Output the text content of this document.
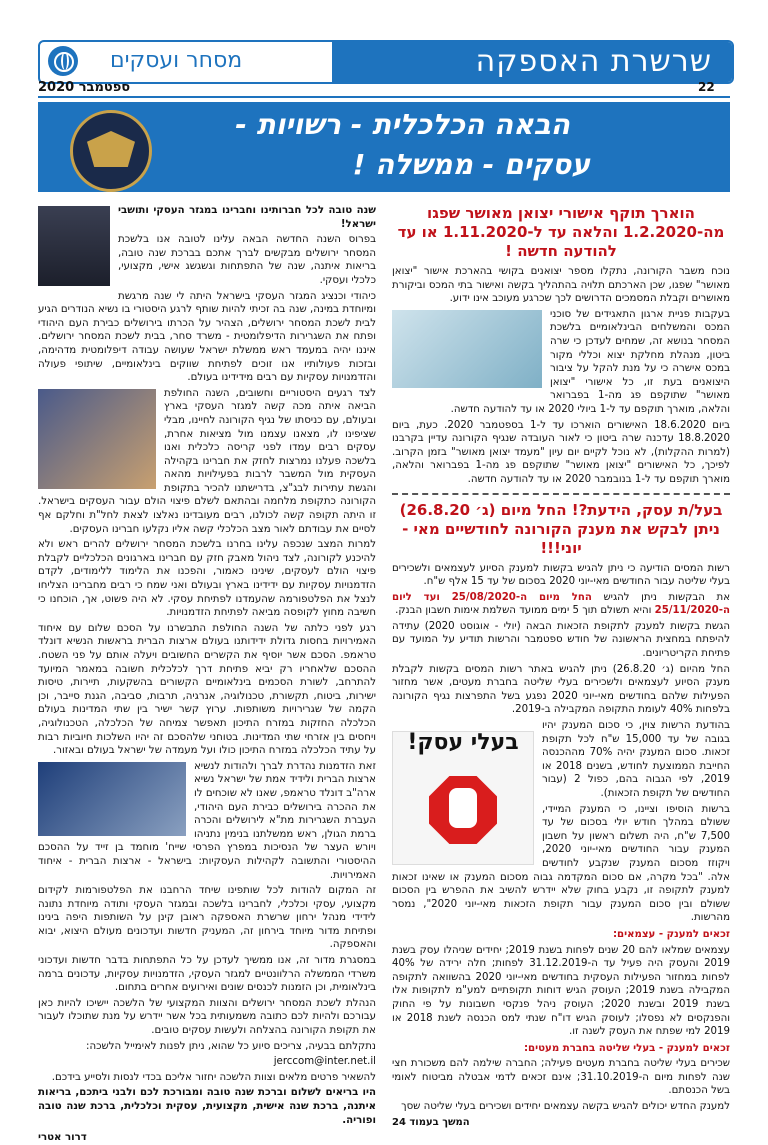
שרשרת האספקה
מסחר ועסקים
ספטמבר 2020	22
הבאה הכלכלית - רשויות -
עסקים - ממשלה !
הוארך תוקף אישורי יצואן מאושר שפגו מה-1.2.2020 והלאה עד ל-1.11.2020 או עד להודעה חדשה !

נוכח משבר הקורונה, נתקלו מספר יצואנים בקושי בהארכת אישור "יצואן מאושר" שפגו, שכן הארכתם תלויה בהתהליך בקשה ואישור בתי המכס וביקורת מאושרים וקבלת המסמכים הדרושים לכך שכרגע מעוכב אינו ידוע.

בעקבות פניית ארגון התאגידים של סוכני המכס והמשלחים הבינלאומיים בלשכת המסחר בנושא זה, שמחים לעדכן כי שרה ביטון, מנהלת מחלקת יצוא וכללי מקור במכס אישרה כי על מנת להקל על ציבור היצואנים בעת זו, כל אישורי "יצואן מאושר" שתוקפם פג מה-1 בפברואר והלאה, מוארך תוקפם עד ל-1 ביולי 2020 או עד להודעה חדשה.

ביום 18.6.2020 האישורים הוארכו עד ל-1 בספטמבר 2020. כעת, ביום 18.8.2020 עדכנה שרה ביטון כי לאור העובדה שנגיף הקורונה עדיין בקרבנו (למרות ההקלות), לא נוכל לקיים יום עיון "מעמד יצואן מאושר" בזמן הקרוב. לפיכך, כל האישורים "יצואן מאושר" שתוקפם פג מה-1 בפברואר והלאה, מוארך תוקפם עד ל-1 בנובמבר 2020 או עד להודעה חדשה.

בעל/ת עסק, הידעת?! החל מיום (ג׳ 26.8.20) ניתן לבקש את מענק הקורונה לחודשיים מאי - יוני!!!

רשות המסים הודיעה כי ניתן להגיש בקשות למענק הסיוע לעצמאים ולשכירים בעלי שליטה עבור החודשים מאי-יוני 2020 בסכום של עד 15 אלף ש"ח.

את הבקשות ניתן להגיש החל מיום ה-25/08/2020 ועד ליום ה-25/11/2020 והיא תשולם תוך 5 ימים ממועד השלמת אימות חשבון הבנק.

הגשת בקשות למענק לתקופת הזכאות הבאה (יולי - אוגוסט 2020) עתידה להיפתח במחצית הראשונה של חודש ספטמבר והרשות תודיע על המועד עם פתיחת הקריטריונים.

החל מהיום (ג׳ 26.8.20) ניתן להגיש באתר רשות המסים בקשות לקבלת מענק הסיוע לעצמאים ולשכירים בעלי שליטה בחברת מעטים, אשר מחזור הפעילות שלהם בחודשים מאי-יוני 2020 נפגע בשל התפרצות נגיף הקורונה בלפחות 40% לעומת התקופה המקבילה ב-2019.

בעלי עסק!

בהודעת הרשות צוין, כי סכום המענק יהיו בגובה של עד 15,000 ש"ח לכל תקופת זכאות. סכום המענק יהיה 70% מההכנסה החייבת הממוצעת לחודש, בשנים 2018 או 2019, לפי הגבוה בהם, כפול 2 (עבור החודשים של תקופת הזכאות).

ברשות הוסיפו וציינו, כי המענק המיידי, ששולם במהלך חודש יולי בסכום של עד 7,500 ש"ח, היה תשלום ראשון על חשבון המענק עבור החודשים מאי-יוני 2020, ויקוזז מסכום המענק שנקבע לחודשים אלה. "בכל מקרה, אם סכום המקדמה גבוה מסכום המענק או שאינו זכאות למענק לתקופה זו, נקבע בחוק שלא יידרש להשיב את ההפרש בין הסכום ששולם ובין סכום המענק עבור תקופת הזכאות מאי-יוני 2020", נמסר מהרשות.

זכאים למענק - עצמאים:

עצמאים שמלאו להם 20 שנים לפחות בשנת 2019; יחידים שניהלו עסק בשנת 2019 והעסק היה פעיל עד ה-31.12.2019 לפחות; חלה ירידה של 40% לפחות במחזור הפעילות העסקית בחודשים מאי-יוני 2020 בהשוואה לתקופה המקבילה בשנת 2019; העוסק הגיש דוחות תקופתיים למע"מ לתקופות אלו בשנת 2019 ובשנת 2020; העוסק ניהל פנקסי חשבונות על פי החוק והפנקסים לא נפסלו; לעוסק הגיש דו"ח שנתי למס הכנסה לשנת 2018 או 2019 למי שפתח את העסק לשנה זו.

זכאים למענק - בעלי שליטה בחברת מעטים:

שכירים בעלי שליטה בחברת מעטים פעילה; החברה שילמה להם משכורת חצי שנה לפחות מיום ה-31.10.2019; אינם זכאים לדמי אבטלה מביטוח לאומי בשל הכנסתם.

למענק החדש יכולים להגיש בקשה עצמאים יחידים ושכירים בעלי שליטה שסך

המשך בעמוד 24

שנה טובה לכל חברותינו וחברינו במגזר העסקי ותושבי ישראל!

בפרוס השנה החדשה הבאה עלינו לטובה אנו בלשכת המסחר ירושלים מבקשים לברך אתכם בברכת שנה טובה, בריאות איתנה, שנה של התפתחות וגשגשג אישי, מקצועי, כלכלי ועסקי.

כיהודי וכנציג המגזר העסקי בישראל היתה לי שנה מרגשת ומיוחדת במינה, שנה בה זכיתי להיות שותף לרגע היסטורי בו נשיא הנודרים הגיע לבית לשכת המסחר ירושלים, הצהיר על הכרתו בירושלים כבירת העם היהודי ופתח את השגרירות הדיפלומטית - משרד סחר, בבית לשכת המסחר ירושלים. איננו יהיה במעמד ראש ממשלת ישראל שעושה עבודה דיפלומטית מדהימה, ובזכות פעולותיו אנו זוכים לפתיחת שווקים בינלאומיים, שיתופי פעולה והזדמנויות עסקיות עם רבים מידידינו בעולם.

לצד רגעים היסטוריים וחשובים, השנה החולפת הביאה איתה מכה קשה למגזר העסקי בארץ ובעולם, עם כניסתו של נגיף הקורונה לחיינו, מבלי שציפינו לו, מצאנו עצמנו מול מציאות אחרת, עסקים רבים עמדו לפני קריסה כלכלית ואנו בלשכה פעלנו נמרצות לחזק את חברינו בקהילה העסקית מול המשבר לרבות בפעילויות מהאה והגשת עתירות לבג"צ, בדרישתנו להכיר בתקופת הקורונה כתקופת מלחמה ובהתאם לשלם פיצוי הולם עבור העסקים בישראל. זו היתה תקופה קשה לכולנו, רבים מעובדינו נאלצו לצאת לחל"ת וחלקם אף לסיים את עבודתם לאור מצב הכלכלי קשה אליו נקלעו חברינו העסקים.

למרות המצב שנכפה עלינו בחרנו בלשכת המסחר ירושלים להרים ראש ולא להיכנע לקורונה, לצד ניהול מאבק חזק עם חברינו בארגונים הכלכליים לקבלת פיצוי הולם לעסקים, שינינו כאמור, והפכנו את הלימוד ללימודים, לקדם הזדמנויות עסקיות עם ידידינו בארץ ובעולם ואני שמח כי רבים מחברינו הצליחו לנצל את הפלטפורמה שהעמדנו לפתיחת עסקי. לא היה פשוט, אך, הוכחנו כי חשיבה מחוץ לקופסה מביאה לפתיחת הזדמנויות.

רגע לפני כלתה של השנה החולפת התבשרנו על הסכם שלום עם איחוד האמירויות בחסות גדולת ידידותנו בעולם ארצות הברית בראשות הנשיא דונלד טראמפ. הסכם אשר יוסיף את הקשרים החשובים ויעלה אותם על פני השטח. ההסכם שלאחריו רק יביא פתיחת דרך לכלכלית חשובה במאמר המיועד להתרחב, לשורת הסכמים בינלאומיים הקשורים בהשקעות, תיירות, טיסות ישירות, ביטוח, תקשורת, טכנולוגיה, אנרגיה, תרבות, סביבה, הגנת סייבר, וכן הקמה של שגרירויות משותפות. ערוץ קשר ישיר בין שתי המדינות בעולם הכלכלה החזקות במזרח התיכון תאפשר צמיחה של הכלכלה, הטכנולוגיה, ויחסים בין אזרחי שתי המדינות. בטוחני שלהסכם זה יהיו השלכות חיוביות רבות על עתיד הכלכלה במזרח התיכון כולו ועל מעמדה של ישראל בעולם ובאזור.

זאת הזדמנות נהדרת לברך ולהודות לנשיא ארצות הברית ולידיד אמת של ישראל נשיא ארה"ב דונלד טראמפ, שאנו לא שוכחים לו את ההכרה בירושלים כבירת העם היהודי, העברת השגרירות מת"א לירושלים והכרה ברמת הגולן, ראש ממשלתנו בנימין נתניהו ויורש העצר של הנסיכות במפרץ הפרסי שייח' מוחמד בן זייד על ההסכם ההיסטורי והתשובה לקהילות העסקיות: בישראל - ארצות הברית - איחוד האמירויות.

זה המקום להודות לכל שותפינו שיחד הרחבנו את הפלטפורמות לקידום מקצועי, עסקי וכלכלי, לחברינו בלשכה ובמגזר העסקי ותודה מיוחדת נתונה לידידי מנהל ירחון שרשרת האספקה ראובן קינן על השותפות היפה בינינו ופתיחת מדור מיוחד בירחון זה, המעניק חדשות ועדכונים מעולם היצוא, יבוא והאספקה.

במסגרת מדור זה, אנו ממשיך לעדכן על כל התפתחות בדבר חדשות ועדכוני משרדי הממשלה הרלוונטיים למגזר העסקי, הזדמנויות עסקיות, עדכונים ברמה בינלאומית, וכן הזמנות לכנסים שונים ואירועים אחרים בתחום.

הנהלת לשכת המסחר ירושלים והצוות המקצועי של הלשכה יישיכו להיות כאן עבורכם ולהיות לכם כתובה משמעותית בכל אשר יידרש על מנת שתוכלו לעבור את תקופת הקורונה בהצלחה ולעשות עסקים טובים.

נתקלתם בבעיה, צריכים סיוע כל שהוא, ניתן לפנות לאימייל הלשכה:

jerccom@inter.net.il

להשאיר פרטים מלאים וצוות הלשכה יחזור אליכם בכדי לנסות ולסייע בידכם.

היו בריאים לשלום וברכת שנה טובה ומבורכת לכם ולבני ביתכם, בריאות איתנה, ברכת שנה אישית, מקצועית, עסקית וכלכלית, ברכת שנה טובה ופוריה.

דרור אטרי
